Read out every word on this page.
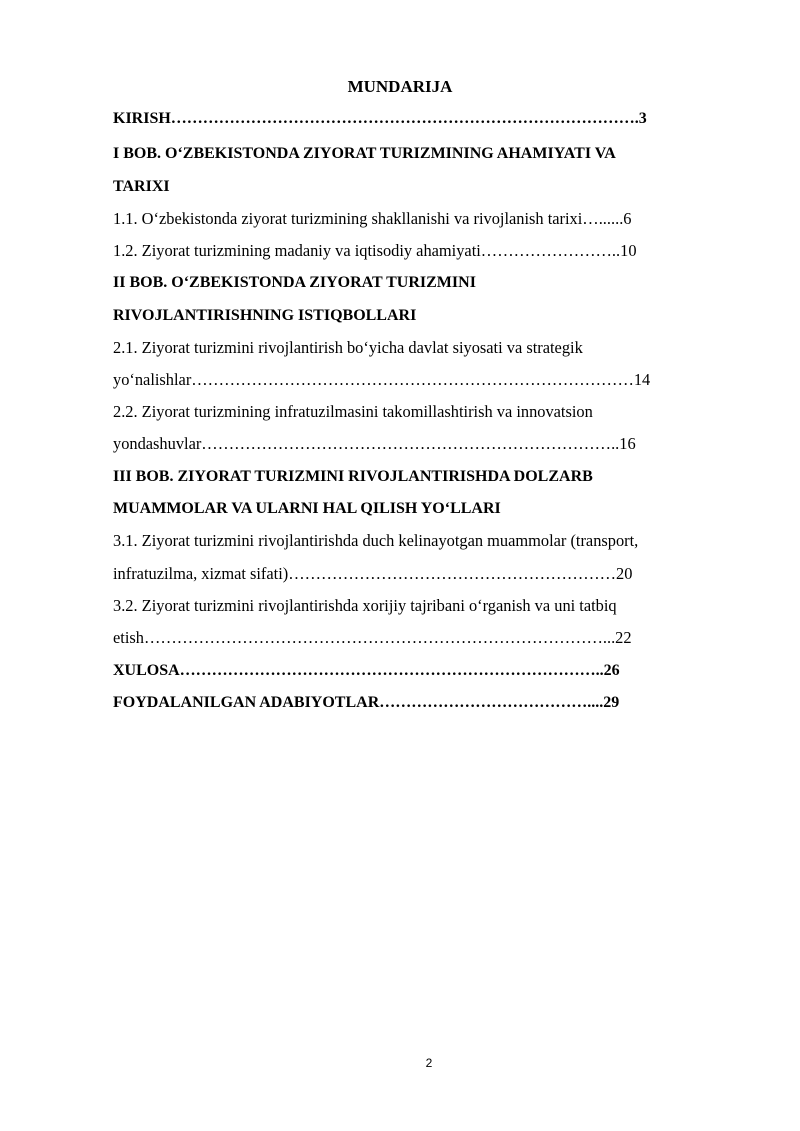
MUNDARIJA
KIRISH…………………………………………………………………………….3
I BOB. O‘ZBEKISTONDA ZIYORAT TURIZMINING AHAMIYATI VA
TARIXI
1.1. O‘zbekistonda ziyorat turizmining shakllanishi va rivojlanish tarixi…......6
1.2. Ziyorat turizmining madaniy va iqtisodiy ahamiyati……………………..10
II BOB. O‘ZBEKISTONDA ZIYORAT TURIZMINI
RIVOJLANTIRISHNING ISTIQBOLLARI
2.1. Ziyorat turizmini rivojlantirish bo‘yicha davlat siyosati va strategik
yo‘nalishlar………………………………………………………………………14
2.2. Ziyorat turizmining infratuzilmasini takomillashtirish va innovatsion
yondashuvlar…………………………………………………………………..16
III BOB. ZIYORAT TURIZMINI RIVOJLANTIRISHDA DOLZARB
MUAMMOLAR VA ULARNI HAL QILISH YO‘LLARI
3.1. Ziyorat turizmini rivojlantirishda duch kelinayotgan muammolar (transport,
infratuzilma, xizmat sifati)……………………………………………………20
3.2. Ziyorat turizmini rivojlantirishda xorijiy tajribani o‘rganish va uni tatbiq
etish…………………………………………………………………………...22
XULOSA……………………………………………………………………..26
FOYDALANILGAN ADABIYOTLAR…………………………………....29
2
